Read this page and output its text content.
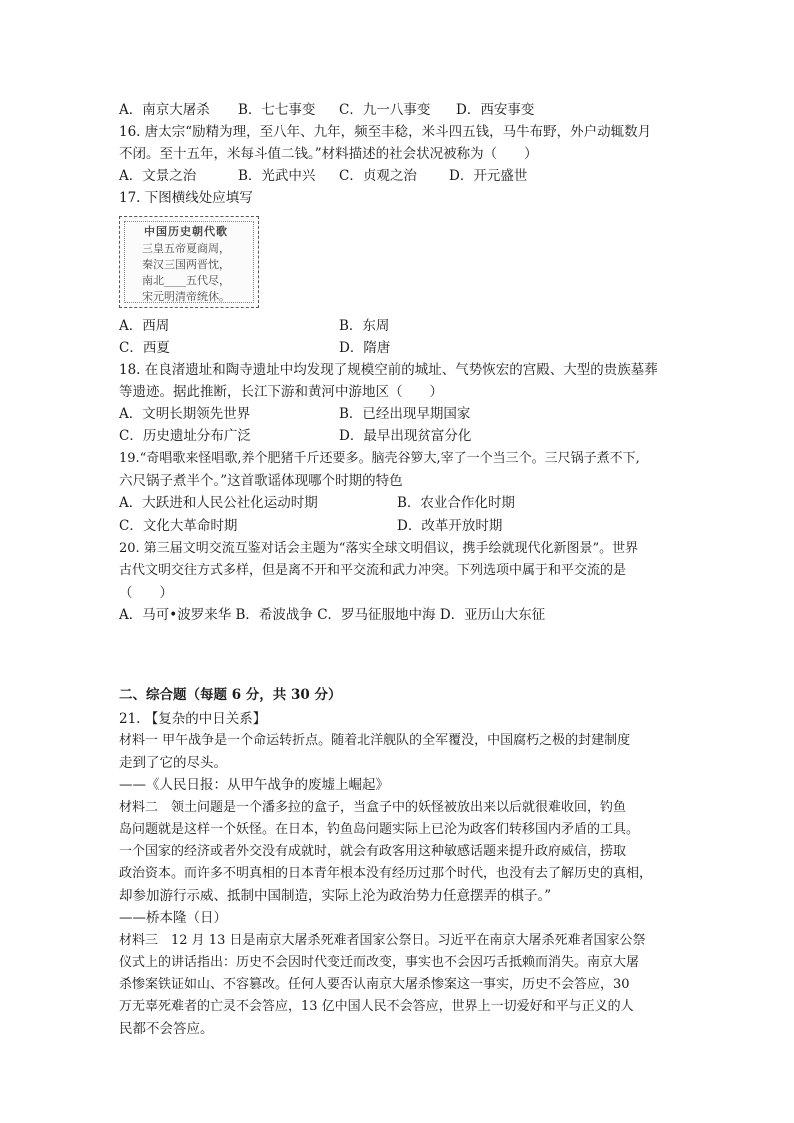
A．南京大屠杀 B．七七事变 C．九一八事变 D．西安事变
16. 唐太宗“励精为理，至八年、九年，频至丰稔，米斗四五钱，马牛布野，外户动辄数月
不闭。至十五年，米每斗值二钱。”材料描述的社会状况被称为（　　）
A．文景之治	B．光武中兴 C．贞观之治 D．开元盛世
17. 下图横线处应填写
中国历史朝代歌
三皇五帝夏商周，
秦汉三国两晋忱，
南北____五代尽，
宋元明清帝统休。
A．西周	B．东周
C．西夏	D．隋唐
18. 在良渚遗址和陶寺遗址中均发现了规模空前的城址、气势恢宏的宫殿、大型的贵族墓葬
等遗迹。据此推断，长江下游和黄河中游地区（　　）
A．文明长期领先世界	B．已经出现早期国家
C．历史遗址分布广泛	D．最早出现贫富分化
19.“奇唱歌来怪唱歌,养个肥猪千斤还要多。脑壳谷箩大,宰了一个当三个。三尺锅子煮不下,
六尺锅子煮半个。”这首歌谣体现哪个时期的特色
A．大跃进和人民公社化运动时期	B．农业合作化时期
C．文化大革命时期	D．改革开放时期
20. 第三届文明交流互鉴对话会主题为“落实全球文明倡议，携手绘就现代化新图景”。世界
古代文明交往方式多样，但是离不开和平交流和武力冲突。下列选项中属于和平交流的是
（　　）
A．马可•波罗来华 B．希波战争 C．罗马征服地中海 D．亚历山大东征
二、综合题（每题 6 分，共 30 分）
21. 【复杂的中日关系】
材料一 甲午战争是一个命运转折点。随着北洋舰队的全军覆没，中国腐朽之极的封建制度
走到了它的尽头。
——《人民日报：从甲午战争的废墟上崛起》
材料二　领土问题是一个潘多拉的盒子，当盒子中的妖怪被放出来以后就很难收回，钓鱼
岛问题就是这样一个妖怪。在日本，钓鱼岛问题实际上已沦为政客们转移国内矛盾的工具。
一个国家的经济或者外交没有成就时，就会有政客用这种敏感话题来提升政府威信，捞取
政治资本。而许多不明真相的日本青年根本没有经历过那个时代，也没有去了解历史的真相，
却参加游行示威、抵制中国制造，实际上沦为政治势力任意摆弄的棋子。”
——桥本隆（日）
材料三　12 月 13 日是南京大屠杀死难者国家公祭日。习近平在南京大屠杀死难者国家公祭
仪式上的讲话指出：历史不会因时代变迁而改变，事实也不会因巧舌抵赖而消失。南京大屠
杀惨案铁证如山、不容篡改。任何人要否认南京大屠杀惨案这一事实，历史不会答应，30
万无辜死难者的亡灵不会答应，13 亿中国人民不会答应，世界上一切爱好和平与正义的人
民都不会答应。
